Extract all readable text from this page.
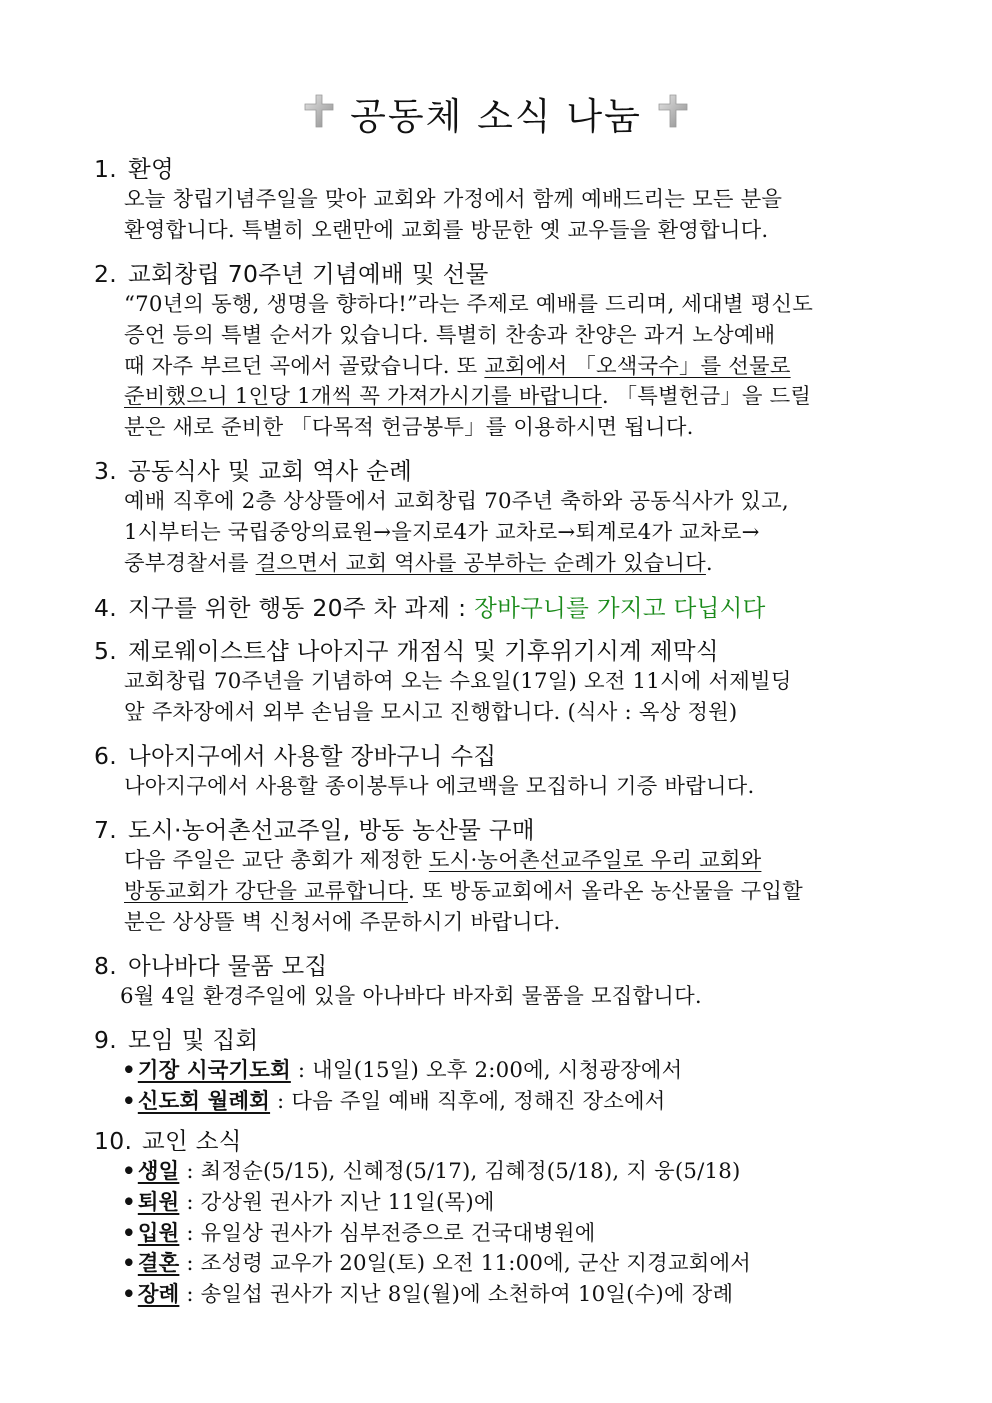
공동체 소식 나눔
1. 환영
오늘 창립기념주일을 맞아 교회와 가정에서 함께 예배드리는 모든 분을
환영합니다. 특별히 오랜만에 교회를 방문한 옛 교우들을 환영합니다.
2. 교회창립 70주년 기념예배 및 선물
“70년의 동행, 생명을 향하다!”라는 주제로 예배를 드리며, 세대별 평신도
증언 등의 특별 순서가 있습니다. 특별히 찬송과 찬양은 과거 노상예배
때 자주 부르던 곡에서 골랐습니다. 또 교회에서 「오색국수」를 선물로
준비했으니 1인당 1개씩 꼭 가져가시기를 바랍니다. 「특별헌금」을 드릴
분은 새로 준비한 「다목적 헌금봉투」를 이용하시면 됩니다.
3. 공동식사 및 교회 역사 순례
예배 직후에 2층 상상뜰에서 교회창립 70주년 축하와 공동식사가 있고,
1시부터는 국립중앙의료원→을지로4가 교차로→퇴계로4가 교차로→
중부경찰서를 걸으면서 교회 역사를 공부하는 순례가 있습니다.
4. 지구를 위한 행동 20주 차 과제 : 장바구니를 가지고 다닙시다
5. 제로웨이스트샵 나아지구 개점식 및 기후위기시계 제막식
교회창립 70주년을 기념하여 오는 수요일(17일) 오전 11시에 서제빌딩
앞 주차장에서 외부 손님을 모시고 진행합니다. (식사 : 옥상 정원)
6. 나아지구에서 사용할 장바구니 수집
나아지구에서 사용할 종이봉투나 에코백을 모집하니 기증 바랍니다.
7. 도시·농어촌선교주일, 방동 농산물 구매
다음 주일은 교단 총회가 제정한 도시·농어촌선교주일로 우리 교회와
방동교회가 강단을 교류합니다. 또 방동교회에서 올라온 농산물을 구입할
분은 상상뜰 벽 신청서에 주문하시기 바랍니다.
8. 아나바다 물품 모집
6월 4일 환경주일에 있을 아나바다 바자회 물품을 모집합니다.
9. 모임 및 집회
•기장 시국기도회 : 내일(15일) 오후 2:00에, 시청광장에서
•신도회 월례회 : 다음 주일 예배 직후에, 정해진 장소에서
10. 교인 소식
•생일 : 최정순(5/15), 신혜정(5/17), 김혜정(5/18), 지 웅(5/18)
•퇴원 : 강상원 권사가 지난 11일(목)에
•입원 : 유일상 권사가 심부전증으로 건국대병원에
•결혼 : 조성령 교우가 20일(토) 오전 11:00에, 군산 지경교회에서
•장례 : 송일섭 권사가 지난 8일(월)에 소천하여 10일(수)에 장례
